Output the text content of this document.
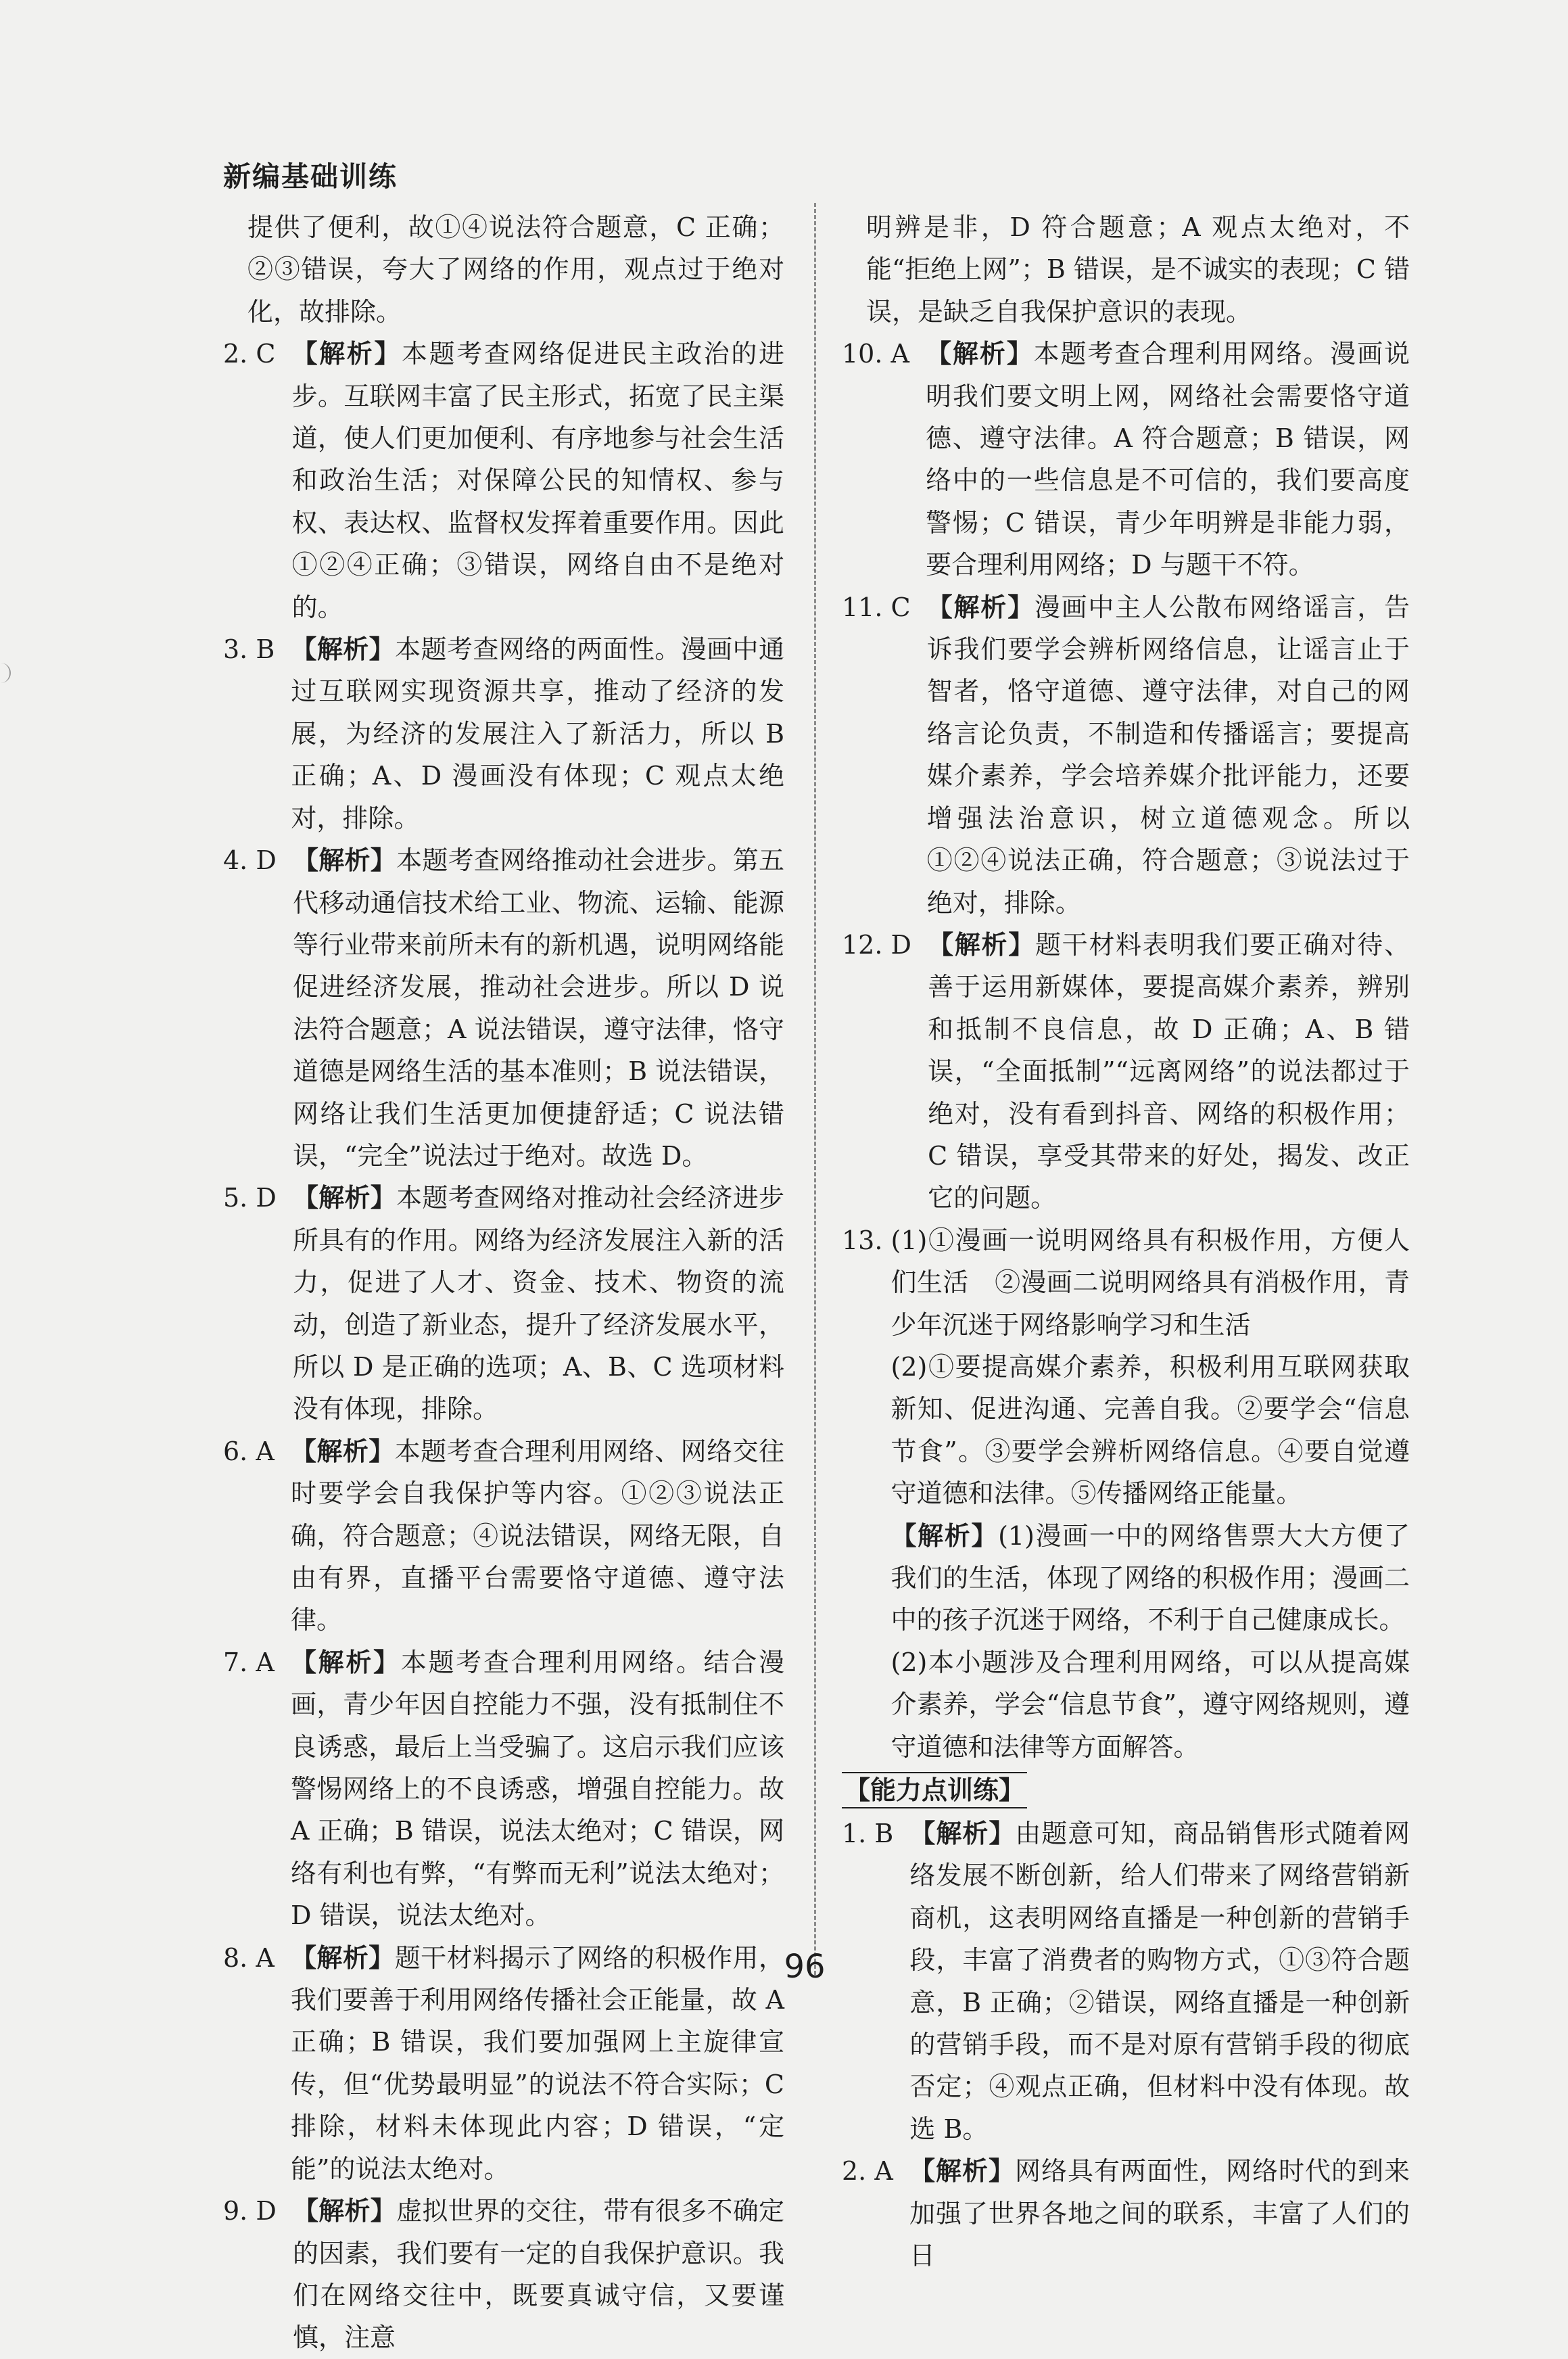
新编基础训练
提供了便利，故①④说法符合题意，C 正确；②③错误，夸大了网络的作用，观点过于绝对化，故排除。
2. C 【解析】本题考查网络促进民主政治的进步。互联网丰富了民主形式，拓宽了民主渠道，使人们更加便利、有序地参与社会生活和政治生活；对保障公民的知情权、参与权、表达权、监督权发挥着重要作用。因此①②④正确；③错误，网络自由不是绝对的。
3. B 【解析】本题考查网络的两面性。漫画中通过互联网实现资源共享，推动了经济的发展，为经济的发展注入了新活力，所以 B 正确；A、D 漫画没有体现；C 观点太绝对，排除。
4. D 【解析】本题考查网络推动社会进步。第五代移动通信技术给工业、物流、运输、能源等行业带来前所未有的新机遇，说明网络能促进经济发展，推动社会进步。所以 D 说法符合题意；A 说法错误，遵守法律，恪守道德是网络生活的基本准则；B 说法错误，网络让我们生活更加便捷舒适；C 说法错误，“完全”说法过于绝对。故选 D。
5. D 【解析】本题考查网络对推动社会经济进步所具有的作用。网络为经济发展注入新的活力，促进了人才、资金、技术、物资的流动，创造了新业态，提升了经济发展水平，所以 D 是正确的选项；A、B、C 选项材料没有体现，排除。
6. A 【解析】本题考查合理利用网络、网络交往时要学会自我保护等内容。①②③说法正确，符合题意；④说法错误，网络无限，自由有界，直播平台需要恪守道德、遵守法律。
7. A 【解析】本题考查合理利用网络。结合漫画，青少年因自控能力不强，没有抵制住不良诱惑，最后上当受骗了。这启示我们应该警惕网络上的不良诱惑，增强自控能力。故 A 正确；B 错误，说法太绝对；C 错误，网络有利也有弊，“有弊而无利”说法太绝对；D 错误，说法太绝对。
8. A 【解析】题干材料揭示了网络的积极作用，我们要善于利用网络传播社会正能量，故 A 正确；B 错误，我们要加强网上主旋律宣传，但“优势最明显”的说法不符合实际；C 排除，材料未体现此内容；D 错误，“定能”的说法太绝对。
9. D 【解析】虚拟世界的交往，带有很多不确定的因素，我们要有一定的自我保护意识。我们在网络交往中，既要真诚守信，又要谨慎，注意
明辨是非，D 符合题意；A 观点太绝对，不能“拒绝上网”；B 错误，是不诚实的表现；C 错误，是缺乏自我保护意识的表现。
10. A 【解析】本题考查合理利用网络。漫画说明我们要文明上网，网络社会需要恪守道德、遵守法律。A 符合题意；B 错误，网络中的一些信息是不可信的，我们要高度警惕；C 错误，青少年明辨是非能力弱，要合理利用网络；D 与题干不符。
11. C 【解析】漫画中主人公散布网络谣言，告诉我们要学会辨析网络信息，让谣言止于智者，恪守道德、遵守法律，对自己的网络言论负责，不制造和传播谣言；要提高媒介素养，学会培养媒介批评能力，还要增强法治意识，树立道德观念。所以①②④说法正确，符合题意；③说法过于绝对，排除。
12. D 【解析】题干材料表明我们要正确对待、善于运用新媒体，要提高媒介素养，辨别和抵制不良信息，故 D 正确；A、B 错误，“全面抵制”“远离网络”的说法都过于绝对，没有看到抖音、网络的积极作用；C 错误，享受其带来的好处，揭发、改正它的问题。
13. (1)①漫画一说明网络具有积极作用，方便人们生活　②漫画二说明网络具有消极作用，青少年沉迷于网络影响学习和生活
(2)①要提高媒介素养，积极利用互联网获取新知、促进沟通、完善自我。②要学会“信息节食”。③要学会辨析网络信息。④要自觉遵守道德和法律。⑤传播网络正能量。
【解析】(1)漫画一中的网络售票大大方便了我们的生活，体现了网络的积极作用；漫画二中的孩子沉迷于网络，不利于自己健康成长。
(2)本小题涉及合理利用网络，可以从提高媒介素养，学会“信息节食”，遵守网络规则，遵守道德和法律等方面解答。
【能力点训练】
1. B 【解析】由题意可知，商品销售形式随着网络发展不断创新，给人们带来了网络营销新商机，这表明网络直播是一种创新的营销手段，丰富了消费者的购物方式，①③符合题意，B 正确；②错误，网络直播是一种创新的营销手段，而不是对原有营销手段的彻底否定；④观点正确，但材料中没有体现。故选 B。
2. A 【解析】网络具有两面性，网络时代的到来加强了世界各地之间的联系，丰富了人们的日
96
